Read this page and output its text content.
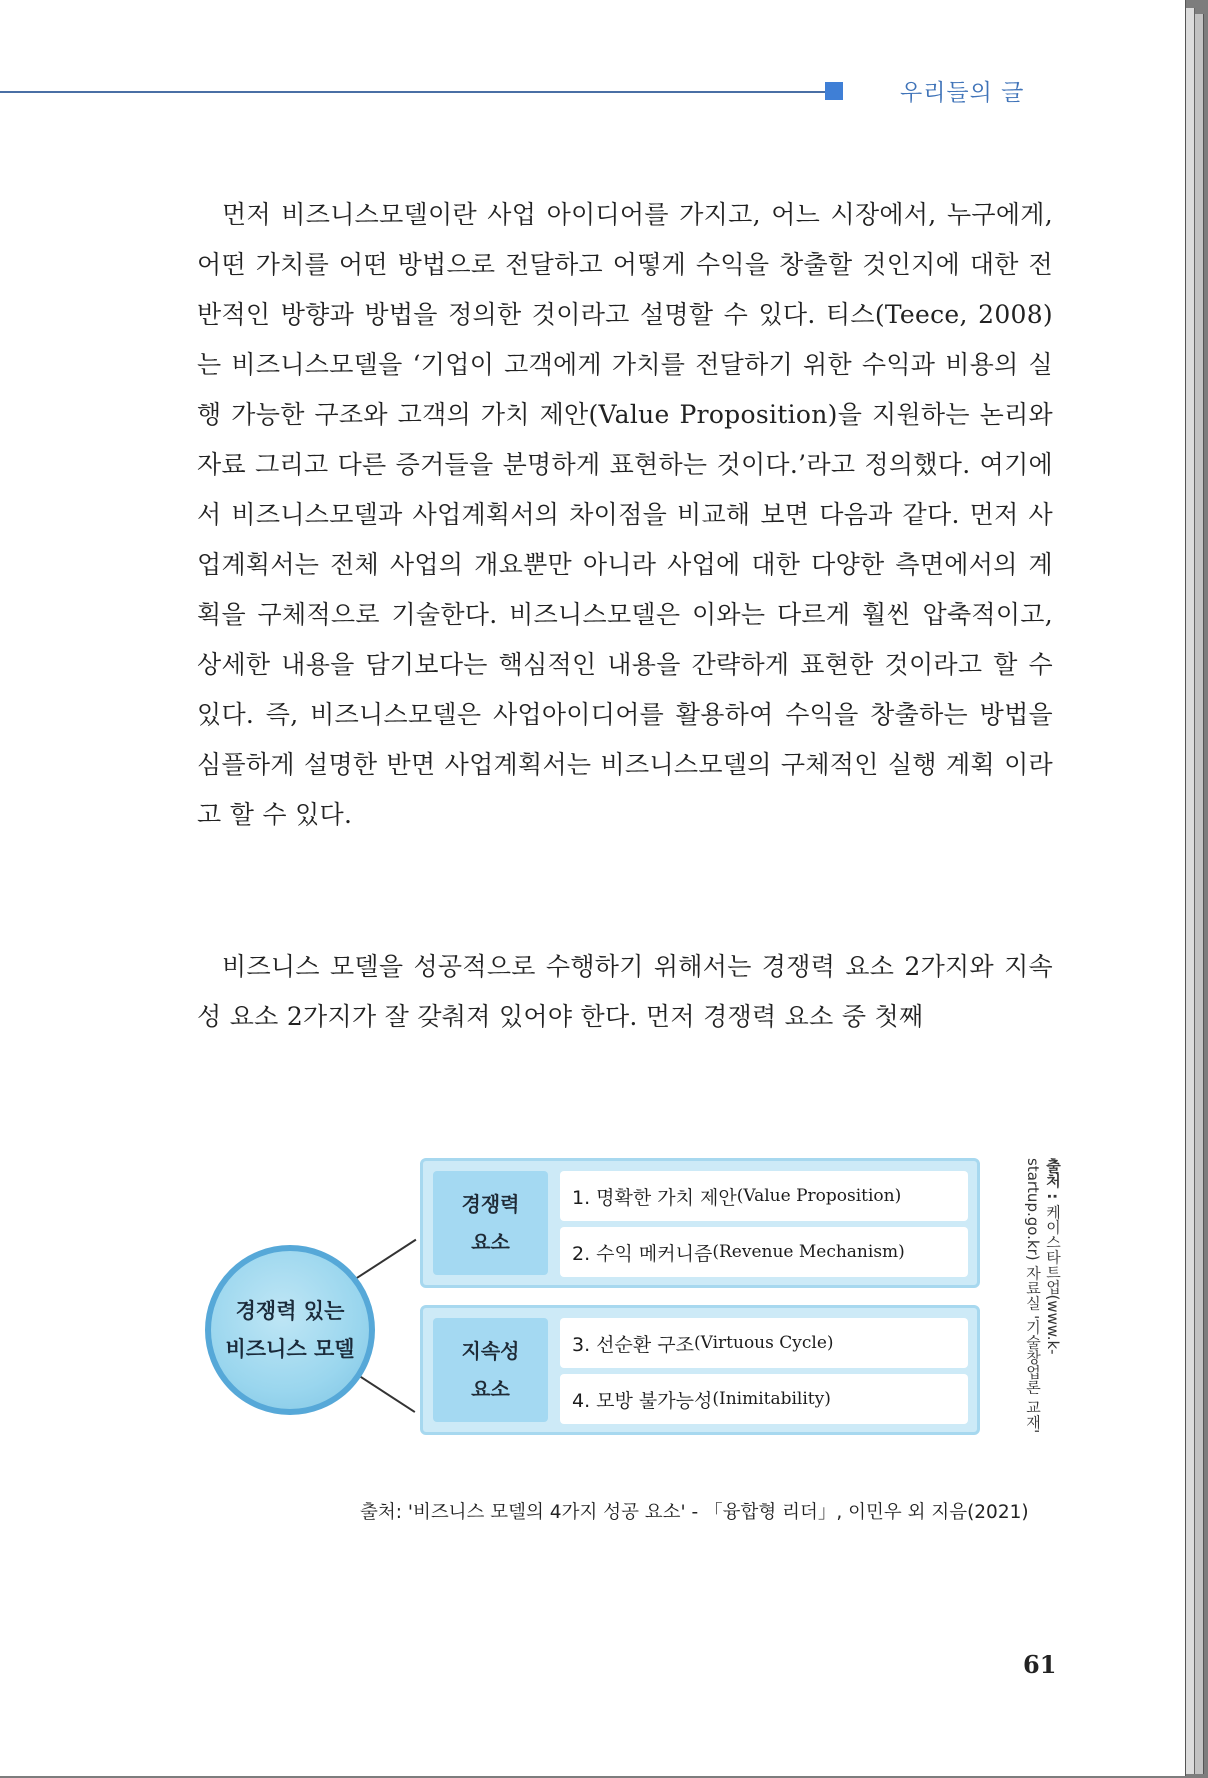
우리들의 글

먼저 비즈니스모델이란 사업 아이디어를 가지고, 어느 시장에서, 누구에게, 어떤 가치를 어떤 방법으로 전달하고 어떻게 수익을 창출할 것인지에 대한 전반적인 방향과 방법을 정의한 것이라고 설명할 수 있다. 티스(Teece, 2008)는 비즈니스모델을 ‘기업이 고객에게 가치를 전달하기 위한 수익과 비용의 실행 가능한 구조와 고객의 가치 제안(Value Proposition)을 지원하는 논리와 자료 그리고 다른 증거들을 분명하게 표현하는 것이다.’라고 정의했다. 여기에서 비즈니스모델과 사업계획서의 차이점을 비교해 보면 다음과 같다. 먼저 사업계획서는 전체 사업의 개요뿐만 아니라 사업에 대한 다양한 측면에서의 계획을 구체적으로 기술한다. 비즈니스모델은 이와는 다르게 훨씬 압축적이고, 상세한 내용을 담기보다는 핵심적인 내용을 간략하게 표현한 것이라고 할 수 있다. 즉, 비즈니스모델은 사업아이디어를 활용하여 수익을 창출하는 방법을 심플하게 설명한 반면 사업계획서는 비즈니스모델의 구체적인 실행 계획 이라고 할 수 있다.

비즈니스 모델을 성공적으로 수행하기 위해서는 경쟁력 요소 2가지와 지속성 요소 2가지가 잘 갖춰져 있어야 한다. 먼저 경쟁력 요소 중 첫째

경쟁력 있는
비즈니스 모델
경쟁력
요소
1. 명확한 가치 제안 (Value Proposition)
2. 수익 메커니즘 (Revenue Mechanism)
지속성
요소
3. 선순환 구조 (Virtuous Cycle)
4. 모방 불가능성 (Inimitability)
출처 : 케이스타트업(www.k-startup.go.kr) 자료실 '기술창업론 교재'
출처: '비즈니스 모델의 4가지 성공 요소' - 「융합형 리더」, 이민우 외 지음(2021)
61
